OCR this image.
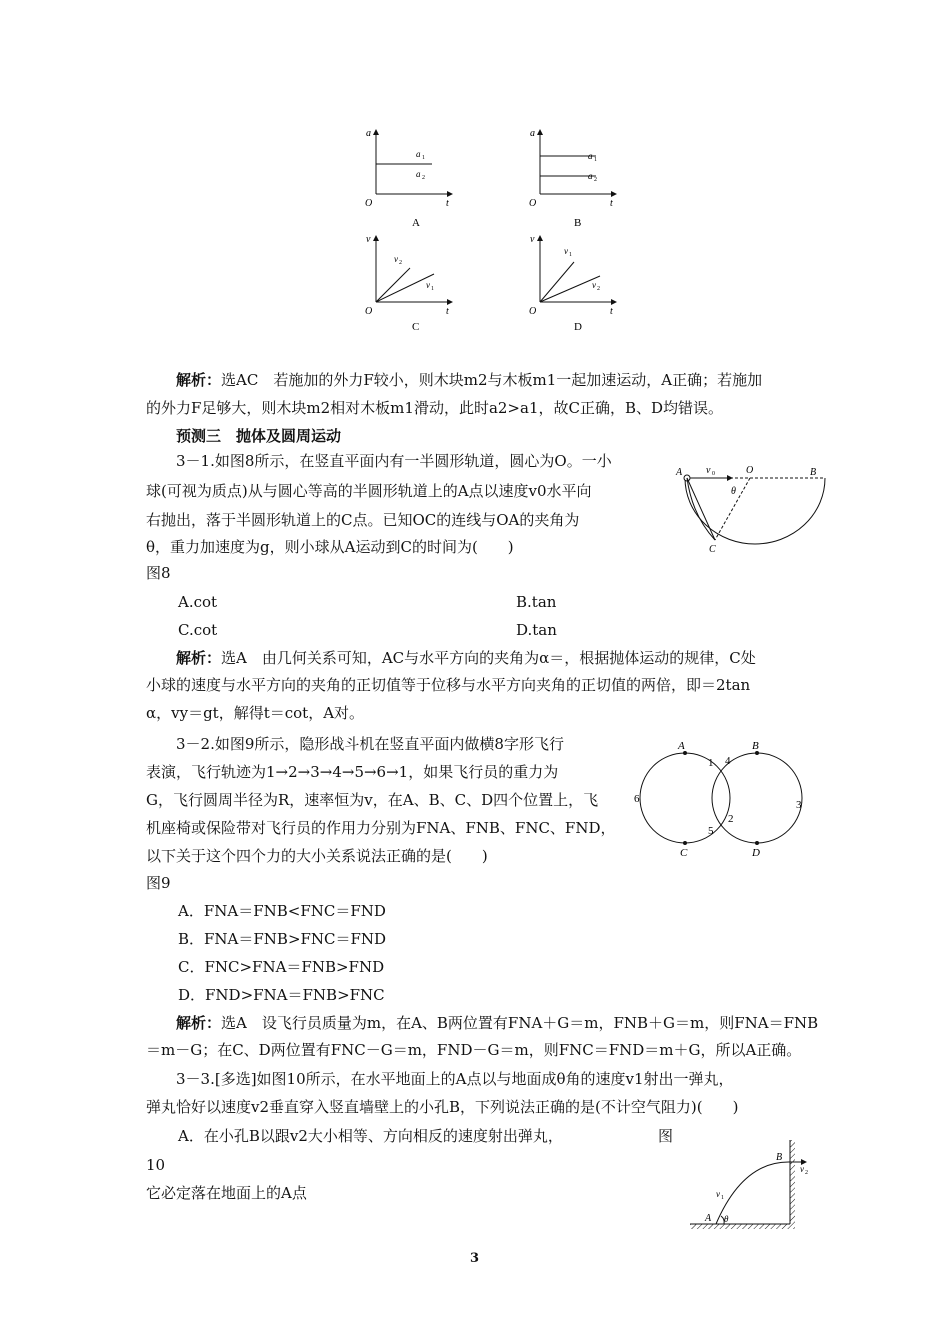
a
O	t
a 1
a 2
A
a
O	t
a 1
a 2
B
v
O	t
v 2
v 1
C
v
O	t
v 1
v 2
D
解析：选AC　若施加的外力F较小，则木块m2与木板m1一起加速运动，A正确；若施加
的外力F足够大，则木块m2相对木板m1滑动，此时a2>a1，故C正确，B、D均错误。
预测三　抛体及圆周运动
3－1.如图8所示，在竖直平面内有一半圆形轨道，圆心为O。一小
球(可视为质点)从与圆心等高的半圆形轨道上的A点以速度v0水平向
右抛出，落于半圆形轨道上的C点。已知OC的连线与OA的夹角为
θ，重力加速度为g，则小球从A运动到C的时间为(　　)
图8
A.cot	B.tan
C.cot	D.tan
A v 0	O	B
θ
C
解析：选A　由几何关系可知，AC与水平方向的夹角为α＝，根据抛体运动的规律，C处
小球的速度与水平方向的夹角的正切值等于位移与水平方向夹角的正切值的两倍，即＝2tan
α，vy＝gt，解得t＝cot，A对。
3－2.如图9所示，隐形战斗机在竖直平面内做横8字形飞行
表演，飞行轨迹为1→2→3→4→5→6→1，如果飞行员的重力为
G，飞行圆周半径为R，速率恒为v，在A、B、C、D四个位置上，飞
机座椅或保险带对飞行员的作用力分别为FNA、FNB、FNC、FND，
以下关于这个四个力的大小关系说法正确的是(　　)
图9
A．FNA＝FNB<FNC＝FND
B．FNA＝FNB>FNC＝FND
C．FNC>FNA＝FNB>FND
D．FND>FNA＝FNB>FNC
A	B
C	D
1
2
3
4
5
6
解析：选A　设飞行员质量为m，在A、B两位置有FNA＋G＝m，FNB＋G＝m，则FNA＝FNB
＝m－G；在C、D两位置有FNC－G＝m，FND－G＝m，则FNC＝FND＝m＋G，所以A正确。
3－3.[多选]如图10所示，在水平地面上的A点以与地面成θ角的速度v1射出一弹丸，
弹丸恰好以速度v2垂直穿入竖直墙壁上的小孔B，下列说法正确的是(不计空气阻力)(　　)
A．在小孔B以跟v2大小相等、方向相反的速度射出弹丸，	图
10
它必定落在地面上的A点
B
v 2
v 1
A θ
3
